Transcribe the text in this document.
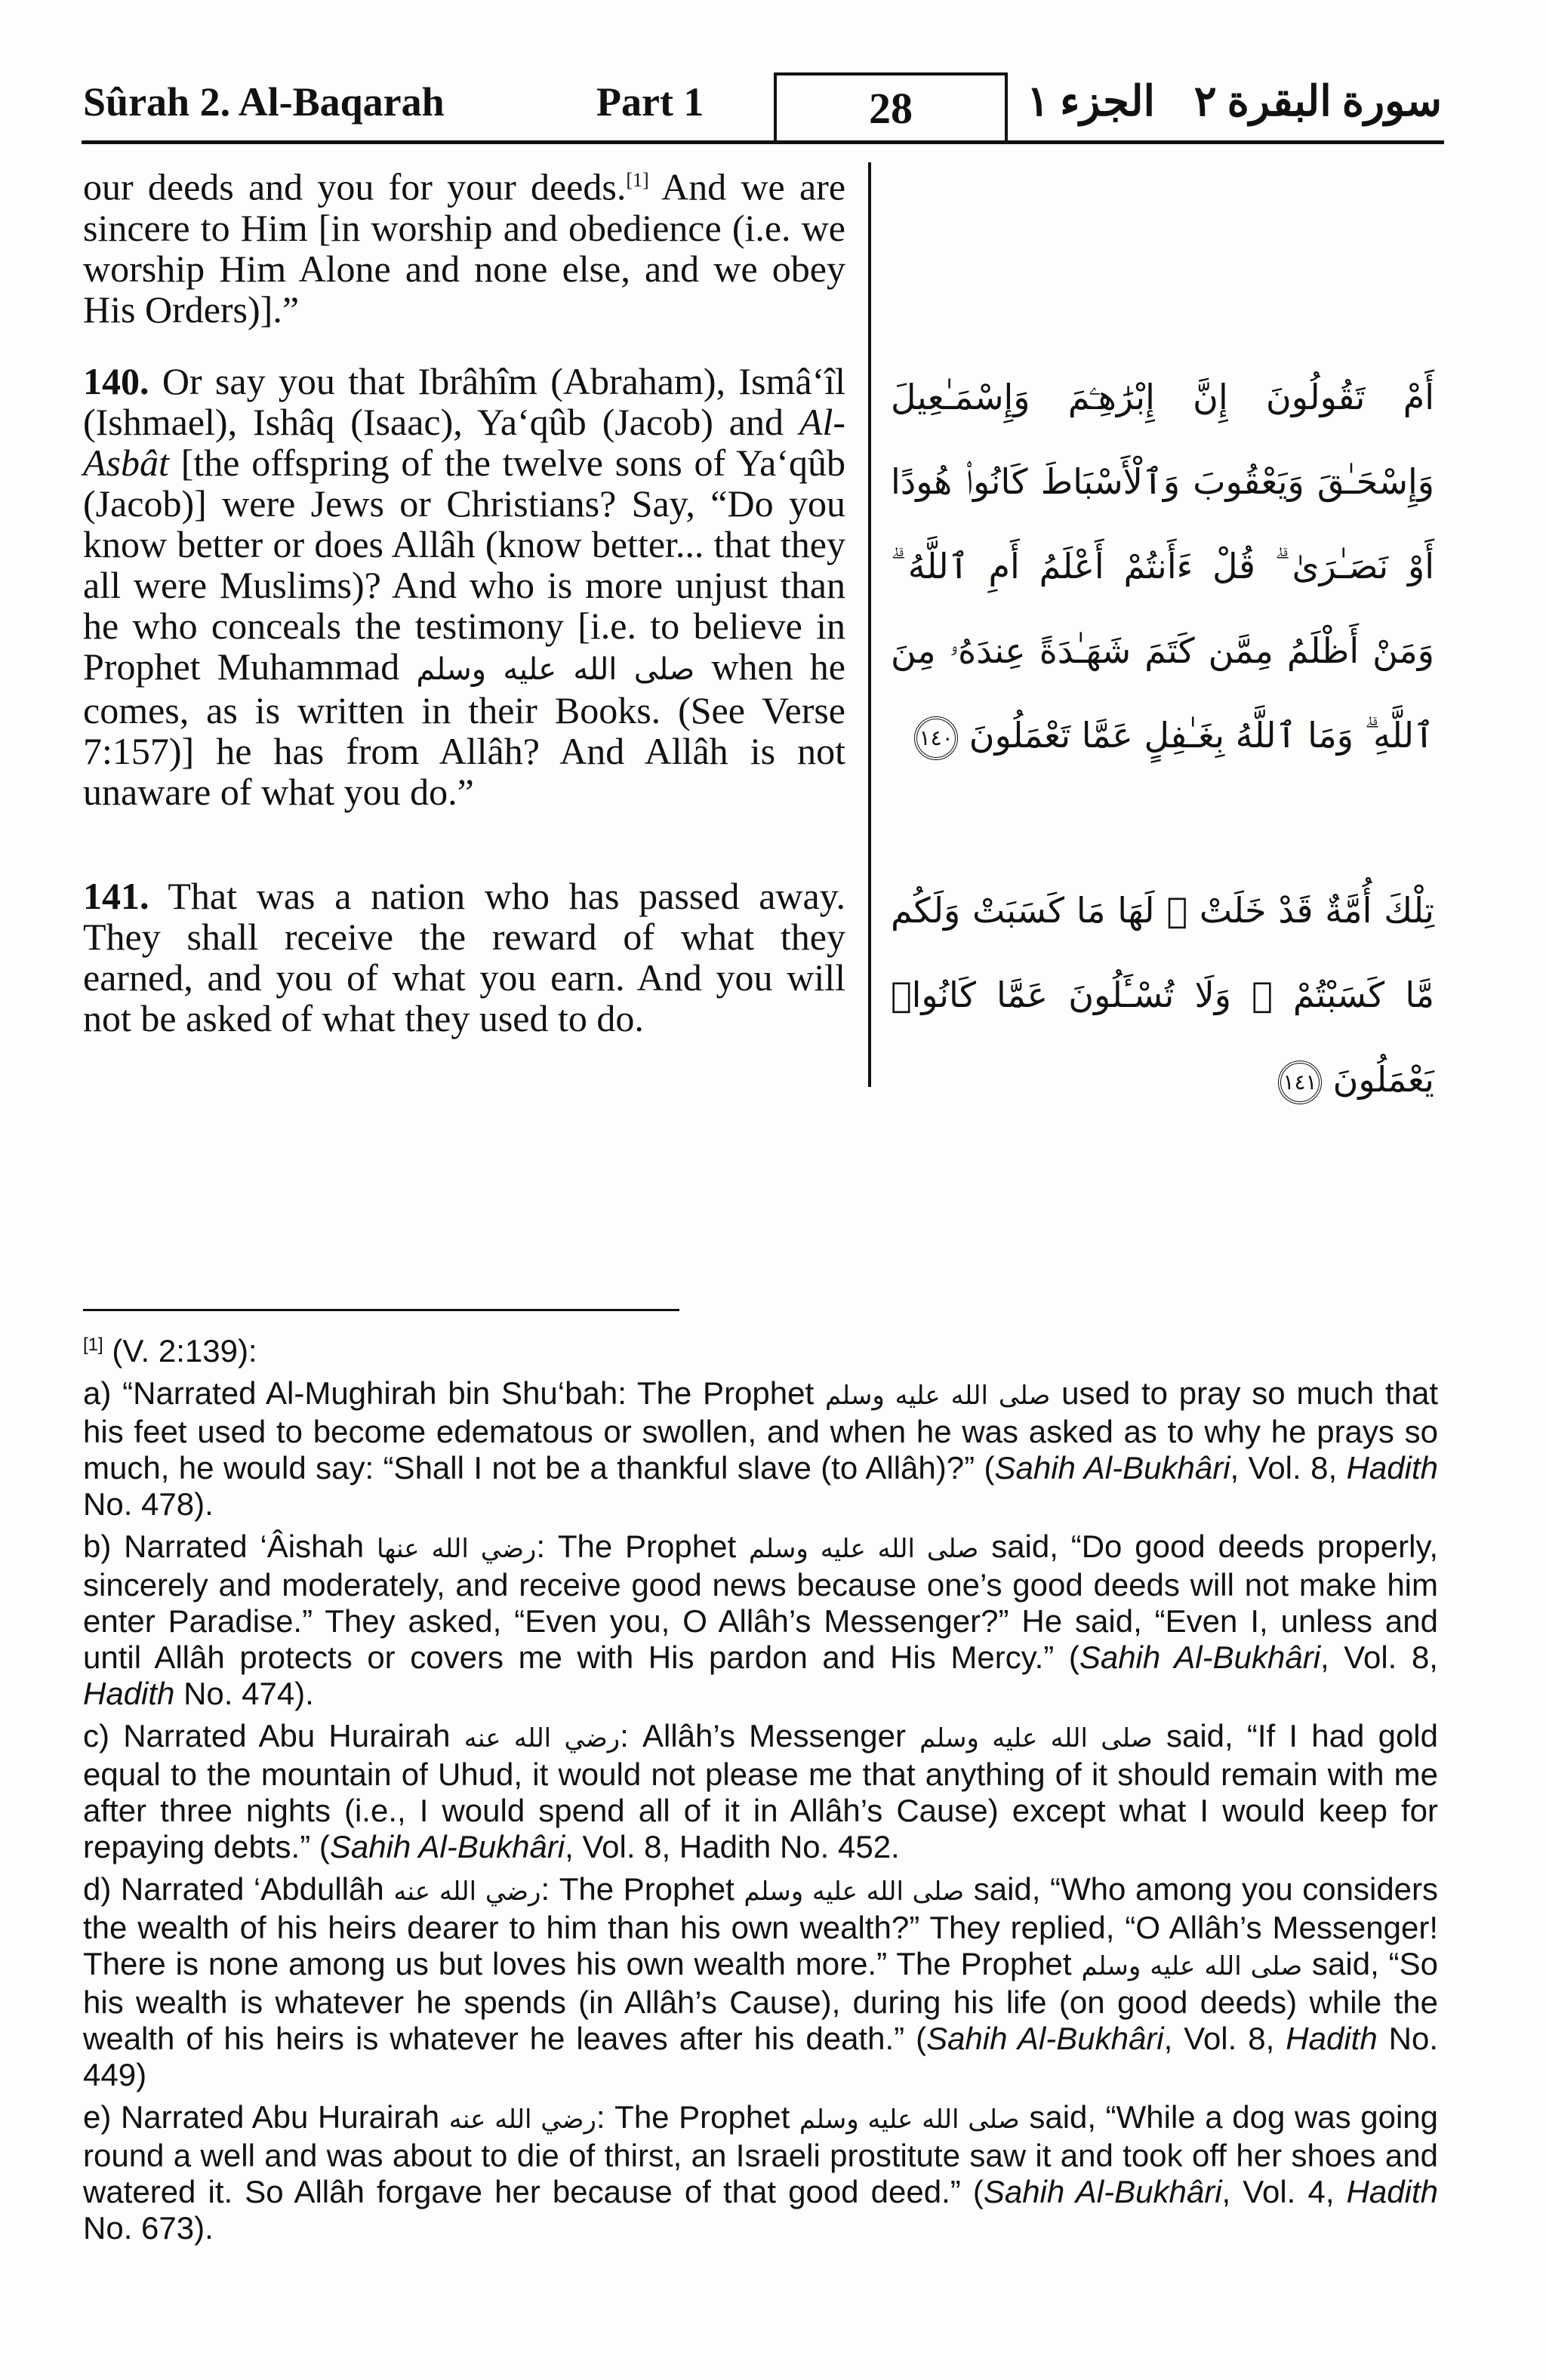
Sûrah 2. Al-Baqarah	Part 1	28	الجزء ١ سورة البقرة ٢

our deeds and you for your deeds.[1] And we are sincere to Him [in worship and obedience (i.e. we worship Him Alone and none else, and we obey His Orders)].”

140. Or say you that Ibrâhîm (Abraham), Ismâ‘îl (Ishmael), Ishâq (Isaac), Ya‘qûb (Jacob) and Al-Asbât [the offspring of the twelve sons of Ya‘qûb (Jacob)] were Jews or Christians? Say, “Do you know better or does Allâh (know better... that they all were Muslims)? And who is more unjust than he who conceals the testimony [i.e. to believe in Prophet Muhammad صلى الله عليه وسلم when he comes, as is written in their Books. (See Verse 7:157)] he has from Allâh? And Allâh is not unaware of what you do.”

141. That was a nation who has passed away. They shall receive the reward of what they earned, and you of what you earn. And you will not be asked of what they used to do.

أَمْ تَقُولُونَ إِنَّ إِبْرَٰهِـۧمَ وَإِسْمَـٰعِيلَ وَإِسْحَـٰقَ وَيَعْقُوبَ وَٱلْأَسْبَاطَ كَانُوا۟ هُودًا أَوْ نَصَـٰرَىٰ ۗ قُلْ ءَأَنتُمْ أَعْلَمُ أَمِ ٱللَّهُ ۗ وَمَنْ أَظْلَمُ مِمَّن كَتَمَ شَهَـٰدَةً عِندَهُۥ مِنَ ٱللَّهِ ۗ وَمَا ٱللَّهُ بِغَـٰفِلٍ عَمَّا تَعْمَلُونَ ١٤٠
تِلْكَ أُمَّةٌ قَدْ خَلَتْ ۖ لَهَا مَا كَسَبَتْ وَلَكُم مَّا كَسَبْتُمْ ۖ وَلَا تُسْـَٔلُونَ عَمَّا كَانُوا۟ يَعْمَلُونَ ١٤١

[1] (V. 2:139):

a) “Narrated Al-Mughirah bin Shu‘bah: The Prophet صلى الله عليه وسلم used to pray so much that his feet used to become edematous or swollen, and when he was asked as to why he prays so much, he would say: “Shall I not be a thankful slave (to Allâh)?” (Sahih Al-Bukhâri, Vol. 8, Hadith No. 478).

b) Narrated ‘Âishah رضي الله عنها: The Prophet صلى الله عليه وسلم said, “Do good deeds properly, sincerely and moderately, and receive good news because one’s good deeds will not make him enter Paradise.” They asked, “Even you, O Allâh’s Messenger?” He said, “Even I, unless and until Allâh protects or covers me with His pardon and His Mercy.” (Sahih Al-Bukhâri, Vol. 8, Hadith No. 474).

c) Narrated Abu Hurairah رضي الله عنه: Allâh’s Messenger صلى الله عليه وسلم said, “If I had gold equal to the mountain of Uhud, it would not please me that anything of it should remain with me after three nights (i.e., I would spend all of it in Allâh’s Cause) except what I would keep for repaying debts.” (Sahih Al-Bukhâri, Vol. 8, Hadith No. 452.

d) Narrated ‘Abdullâh رضي الله عنه: The Prophet صلى الله عليه وسلم said, “Who among you considers the wealth of his heirs dearer to him than his own wealth?” They replied, “O Allâh’s Messenger! There is none among us but loves his own wealth more.” The Prophet صلى الله عليه وسلم said, “So his wealth is whatever he spends (in Allâh’s Cause), during his life (on good deeds) while the wealth of his heirs is whatever he leaves after his death.” (Sahih Al-Bukhâri, Vol. 8, Hadith No. 449)

e) Narrated Abu Hurairah رضي الله عنه: The Prophet صلى الله عليه وسلم said, “While a dog was going round a well and was about to die of thirst, an Israeli prostitute saw it and took off her shoes and watered it. So Allâh forgave her because of that good deed.” (Sahih Al-Bukhâri, Vol. 4, Hadith No. 673).
